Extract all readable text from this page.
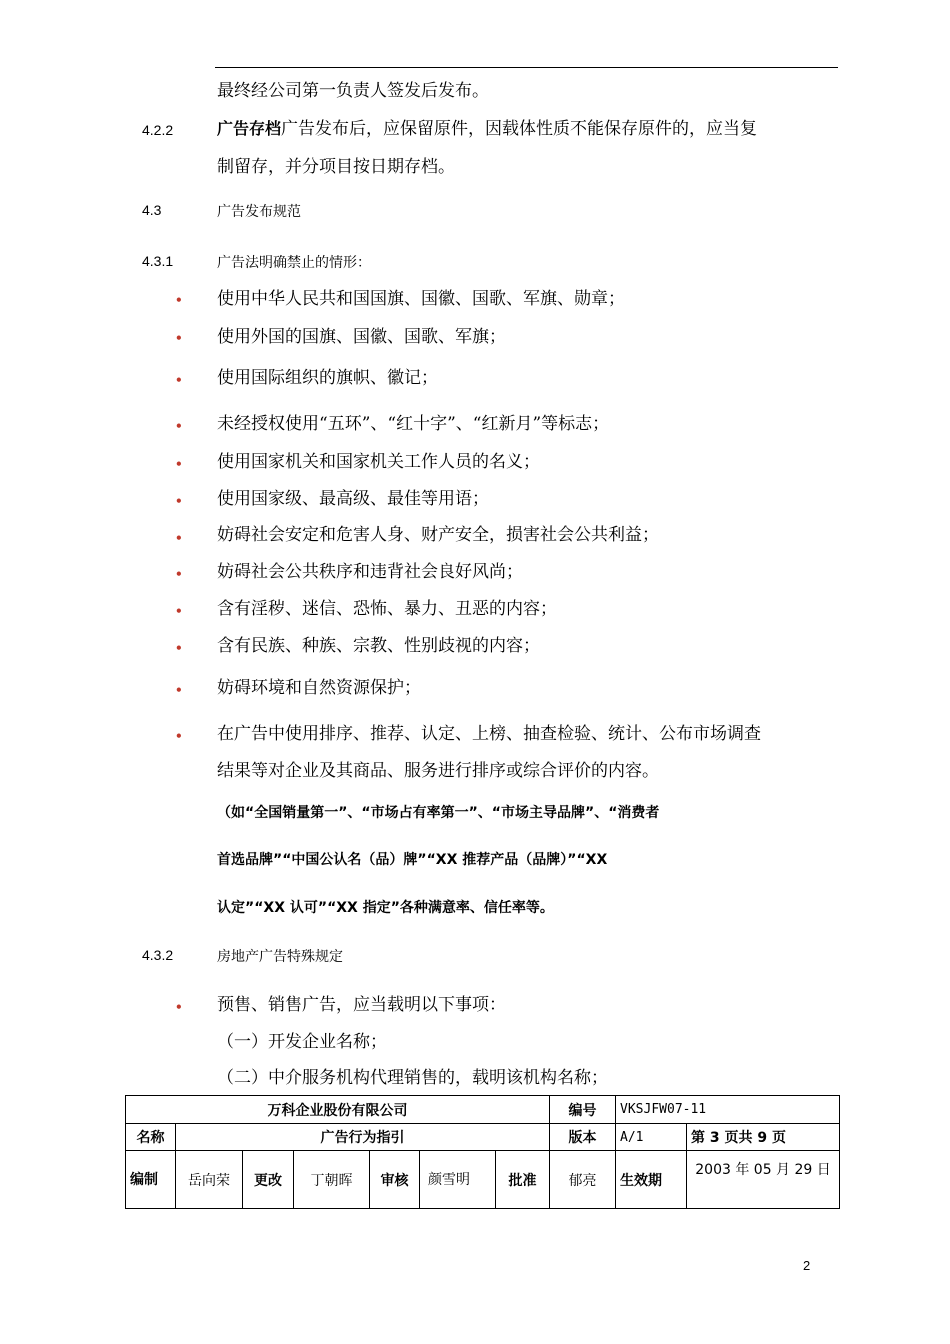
最终经公司第一负责人签发后发布。
4.2.2	广告存档广告发布后，应保留原件，因载体性质不能保存原件的，应当复
制留存，并分项目按日期存档。
4.3	广告发布规范
4.3.1	广告法明确禁止的情形：
• 使用中华人民共和国国旗、国徽、国歌、军旗、勋章；
• 使用外国的国旗、国徽、国歌、军旗；
• 使用国际组织的旗帜、徽记；
• 未经授权使用“五环”、“红十字”、“红新月”等标志；
• 使用国家机关和国家机关工作人员的名义；
• 使用国家级、最高级、最佳等用语；
• 妨碍社会安定和危害人身、财产安全，损害社会公共利益；
• 妨碍社会公共秩序和违背社会良好风尚；
• 含有淫秽、迷信、恐怖、暴力、丑恶的内容；
• 含有民族、种族、宗教、性别歧视的内容；
• 妨碍环境和自然资源保护；
• 在广告中使用排序、推荐、认定、上榜、抽查检验、统计、公布市场调查
结果等对企业及其商品、服务进行排序或综合评价的内容。
（如“全国销量第一”、“市场占有率第一”、“市场主导品牌”、“消费者
首选品牌”“中国公认名（品）牌”“XX 推荐产品（品牌）”“XX
认定”“XX 认可”“XX 指定”各种满意率、信任率等。
4.3.2	房地产广告特殊规定
• 预售、销售广告，应当载明以下事项：
（一）开发企业名称；
（二）中介服务机构代理销售的，载明该机构名称；
万科企业股份有限公司							编号	VKSJFW07-11	
名称	广告行为指引						版本	A/1	第 3 页共 9 页
编制	岳向荣	更改	丁朝晖	审核	颜雪明	批准	郁亮	生效期	2003 年 05 月 29 日
2
